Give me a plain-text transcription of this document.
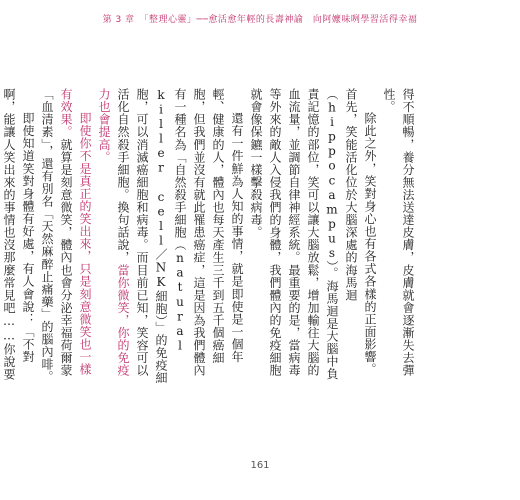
第 3 章　「整理心靈」──愈活愈年輕的長壽神諭　向阿嬤味咧學習活得幸福

得不順暢，養分無法送達皮膚，皮膚就會逐漸失去彈性。

除此之外，笑對身心也有各式各樣的正面影響。首先，笑能活化位於大腦深處的海馬迴（hippocampus）。海馬迴是大腦中負責記憶的部位，笑可以讓大腦放鬆，增加輸往大腦的血流量，並調節自律神經系統。最重要的是，當病毒等外來的敵人入侵我們的身體，我們體內的免疫細胞就會像保鑣一樣擊殺病毒。

還有一件鮮為人知的事情，就是即使是一個年輕、健康的人，體內也每天產生三千到五千個癌細胞，但我們並沒有就此罹患癌症，這是因為我們體內有一種名為「自然殺手細胞（natural killer cell／NK細胞）」的免疫細胞，可以消滅癌細胞和病毒。而目前已知，笑容可以活化自然殺手細胞。換句話說，當你微笑，你的免疫力也會提高。

即使你不是真正的笑出來，只是刻意微笑也一樣有效果。就算是刻意微笑，體內也會分泌幸福荷爾蒙「血清素」，還有別名「天然麻醉止痛藥」的腦內啡。

即使知道笑對身體有好處，有人會說：「不對啊，能讓人笑出來的事情也沒那麼常見吧……你說要

161
